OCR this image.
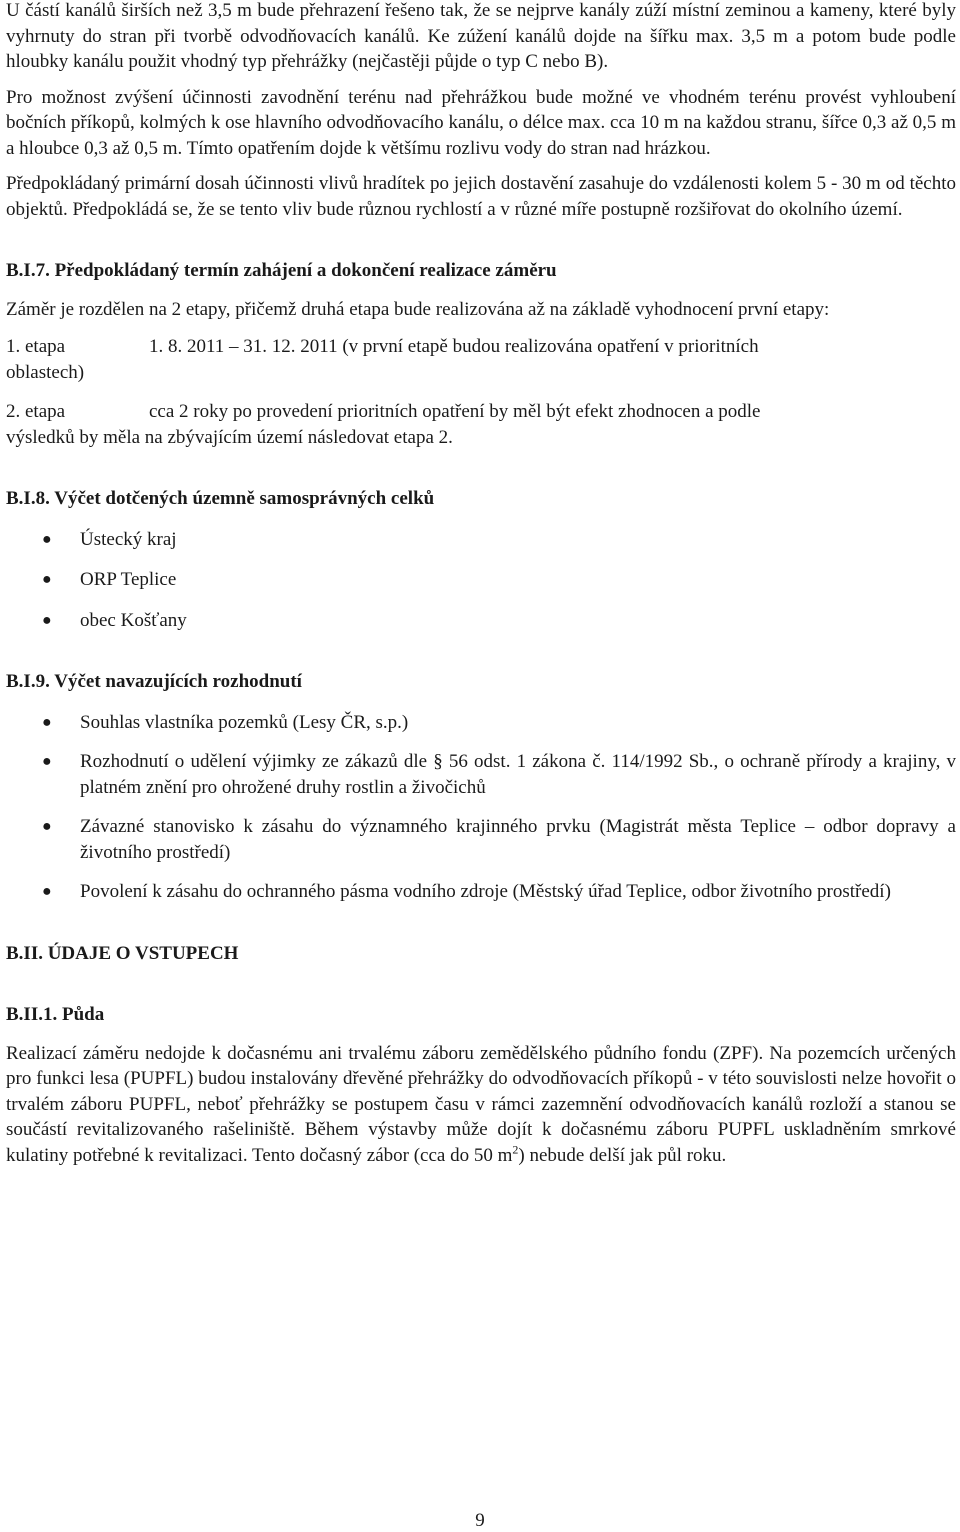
U částí kanálů širších než 3,5 m bude přehrazení řešeno tak, že se nejprve kanály zúží místní zeminou a kameny, které byly vyhrnuty do stran při tvorbě odvodňovacích kanálů. Ke zúžení kanálů dojde na šířku max. 3,5 m a potom bude podle hloubky kanálu použit vhodný typ přehrážky (nejčastěji půjde o typ C nebo B).

Pro možnost zvýšení účinnosti zavodnění terénu nad přehrážkou bude možné ve vhodném terénu provést vyhloubení bočních příkopů, kolmých k ose hlavního odvodňovacího kanálu, o délce max. cca 10 m na každou stranu, šířce 0,3 až 0,5 m a hloubce 0,3 až 0,5 m. Tímto opatřením dojde k většímu rozlivu vody do stran nad hrázkou.

Předpokládaný primární dosah účinnosti vlivů hradítek po jejich dostavění zasahuje do vzdálenosti kolem 5 - 30 m od těchto objektů. Předpokládá se, že se tento vliv bude různou rychlostí a v různé míře postupně rozšiřovat do okolního území.

B.I.7. Předpokládaný termín zahájení a dokončení realizace záměru

Záměr je rozdělen na 2 etapy, přičemž druhá etapa bude realizována až na základě vyhodnocení první etapy:

1. etapa	1. 8. 2011 – 31. 12. 2011 (v první etapě budou realizována opatření v prioritních
oblastech)
2. etapa	cca 2 roky po provedení prioritních opatření by měl být efekt zhodnocen a podle
výsledků by měla na zbývajícím území následovat etapa 2.
B.I.8. Výčet dotčených územně samosprávných celků
● Ústecký kraj
● ORP Teplice
● obec Košťany
B.I.9. Výčet navazujících rozhodnutí
● Souhlas vlastníka pozemků (Lesy ČR, s.p.)
● Rozhodnutí o udělení výjimky ze zákazů dle § 56 odst. 1 zákona č. 114/1992 Sb., o ochraně přírody a krajiny, v platném znění pro ohrožené druhy rostlin a živočichů
● Závazné stanovisko k zásahu do významného krajinného prvku (Magistrát města Teplice – odbor dopravy a životního prostředí)
● Povolení k zásahu do ochranného pásma vodního zdroje (Městský úřad Teplice, odbor životního prostředí)
B.II. ÚDAJE O VSTUPECH
B.II.1. Půda

Realizací záměru nedojde k dočasnému ani trvalému záboru zemědělského půdního fondu (ZPF). Na pozemcích určených pro funkci lesa (PUPFL) budou instalovány dřevěné přehrážky do odvodňovacích příkopů - v této souvislosti nelze hovořit o trvalém záboru PUPFL, neboť přehrážky se postupem času v rámci zazemnění odvodňovacích kanálů rozloží a stanou se součástí revitalizovaného rašeliniště. Během výstavby může dojít k dočasnému záboru PUPFL uskladněním smrkové kulatiny potřebné k revitalizaci. Tento dočasný zábor (cca do 50 $m^2$) nebude delší jak půl roku.

9
